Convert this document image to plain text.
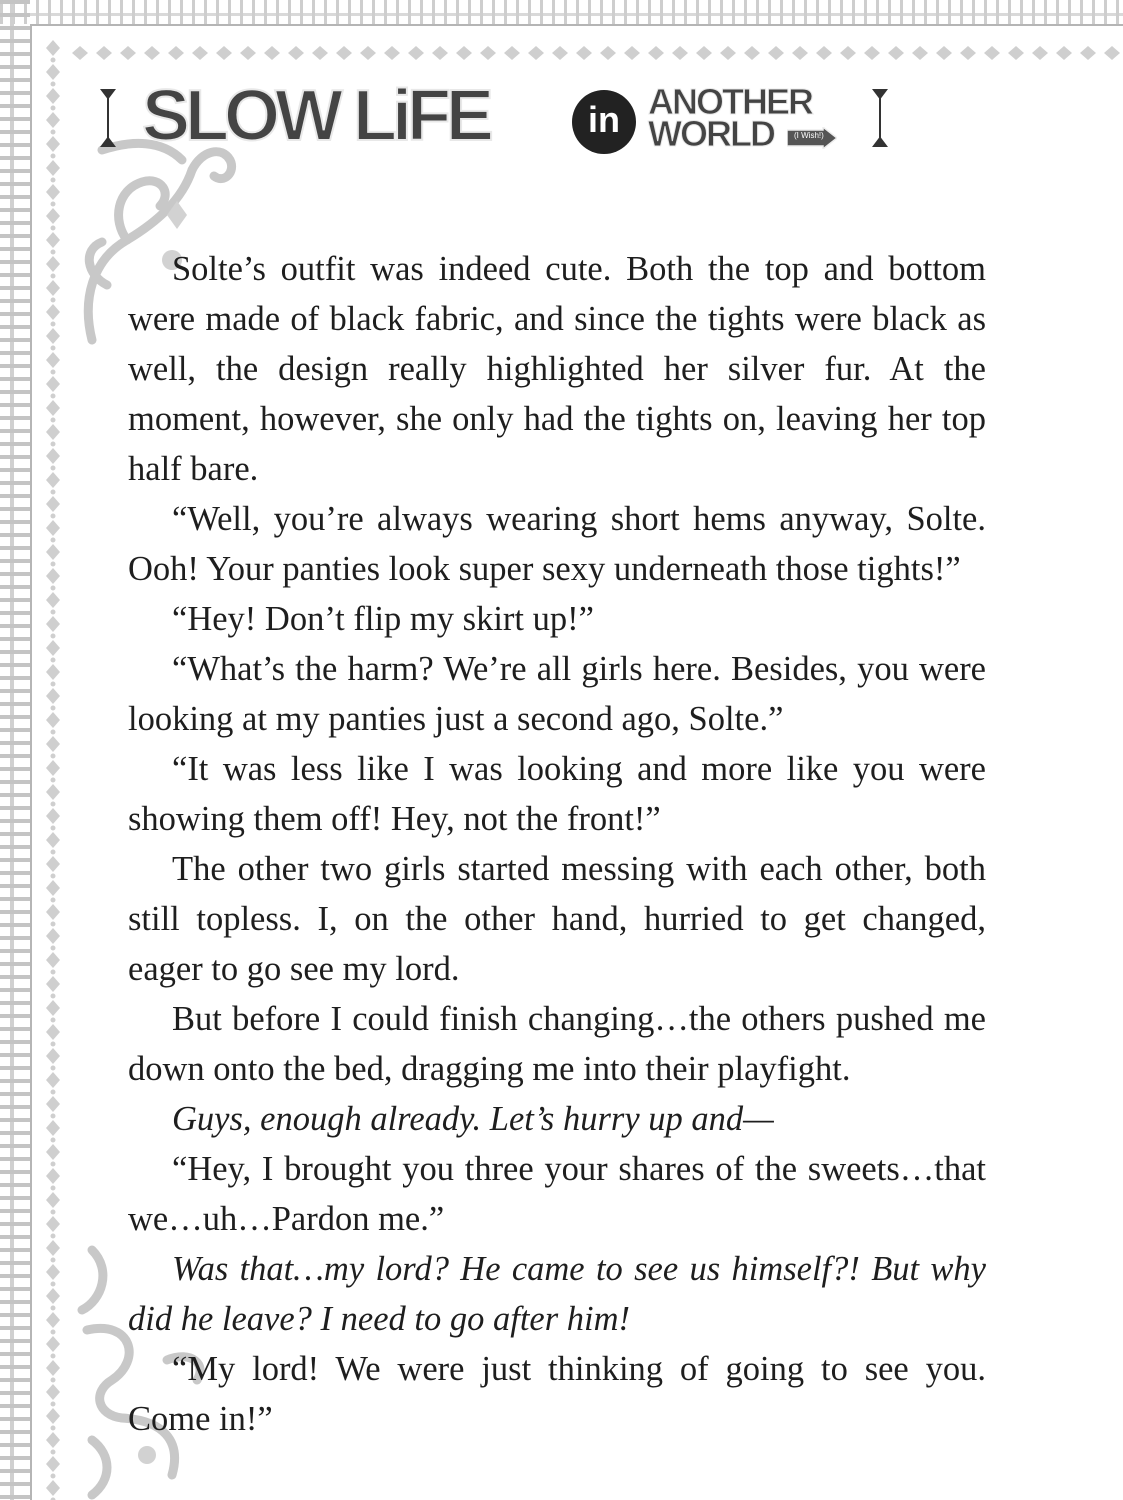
SLOW LiFE	in ANOTHER
WORLD	(I Wish!)

Solte’s outfit was indeed cute. Both the top and bottom were made of black fabric, and since the tights were black as well, the design really highlighted her silver fur. At the moment, however, she only had the tights on, leaving her top half bare.

“Well, you’re always wearing short hems anyway, Solte. Ooh! Your panties look super sexy underneath those tights!”

“Hey! Don’t flip my skirt up!”

“What’s the harm? We’re all girls here. Besides, you were looking at my panties just a second ago, Solte.”

“It was less like I was looking and more like you were showing them off! Hey, not the front!”

The other two girls started messing with each other, both still topless. I, on the other hand, hurried to get changed, eager to go see my lord.

But before I could finish changing…the others pushed me down onto the bed, dragging me into their playfight.

Guys, enough already. Let’s hurry up and—

“Hey, I brought you three your shares of the sweets…that we…uh…Pardon me.”

Was that…my lord? He came to see us himself?! But why did he leave? I need to go after him!

“My lord! We were just thinking of going to see you. Come in!”
